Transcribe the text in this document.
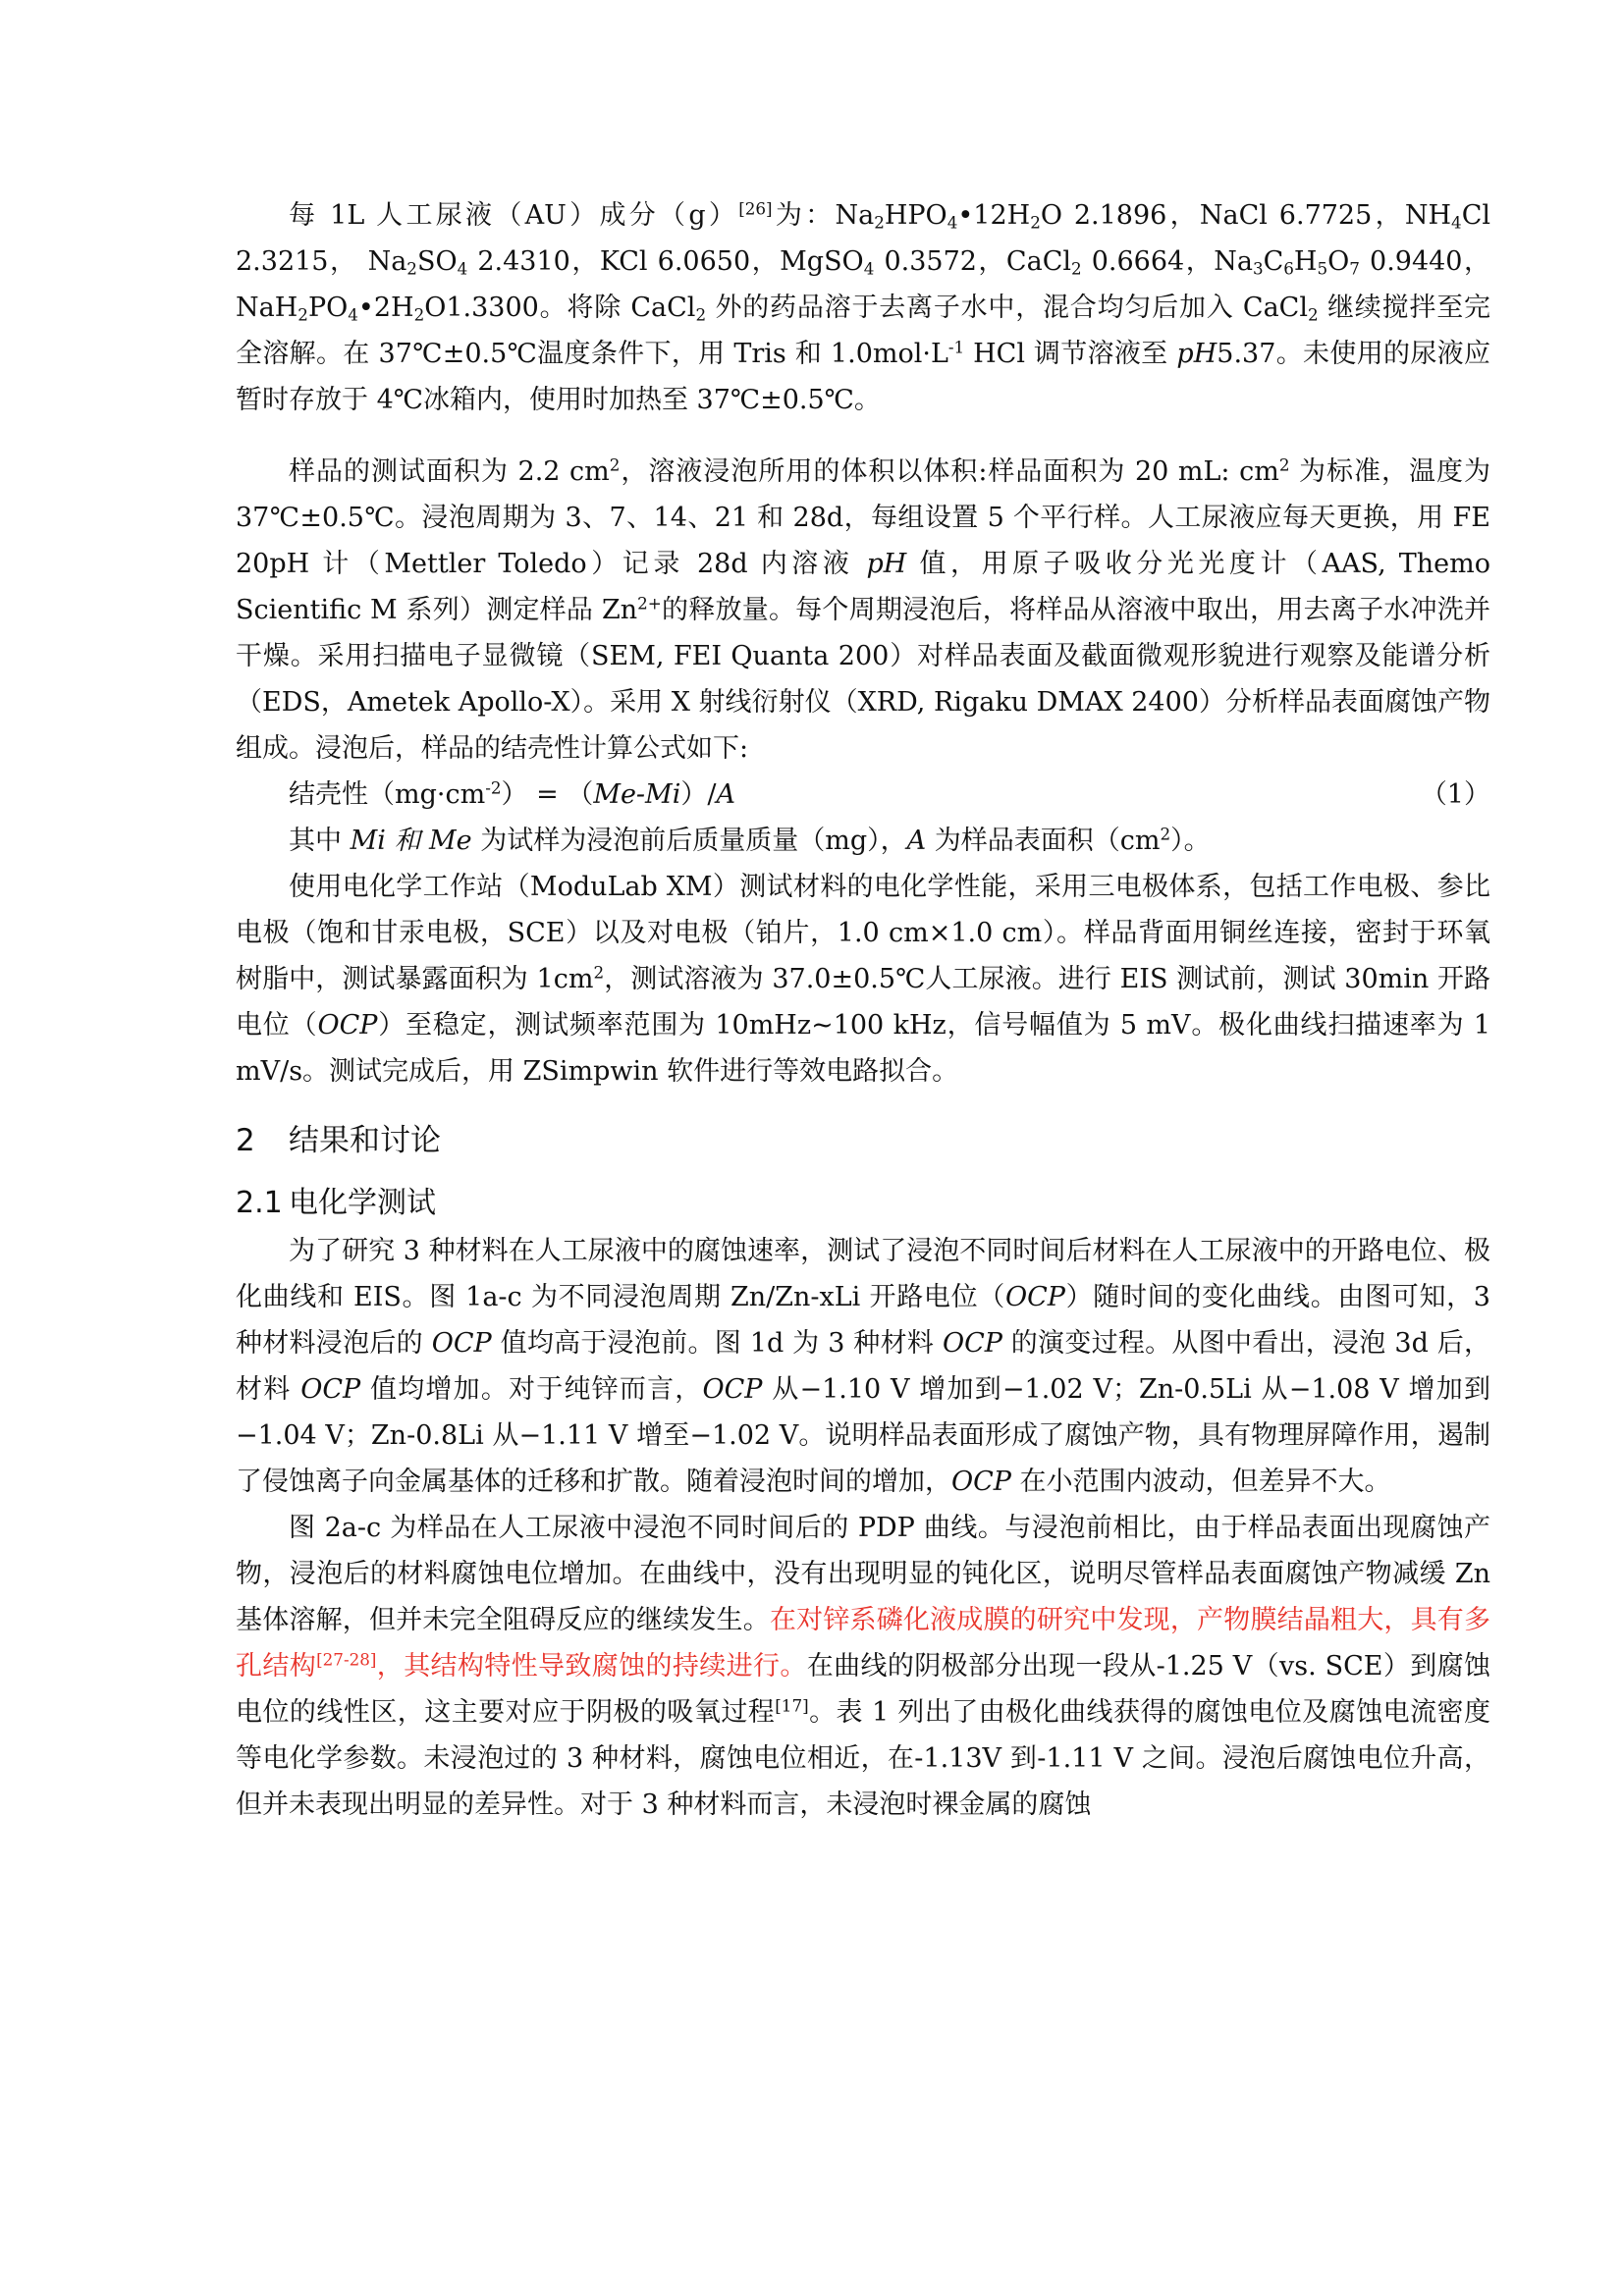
每 1L 人工尿液（AU）成分（g）[26]为：$Na_2HPO_4•12H_2O$ 2.1896，NaCl 6.7725，$NH_4Cl$ 2.3215， $Na_2SO_4$ 2.4310，KCl 6.0650，MgSO$_4$ 0.3572，CaCl$_2$ 0.6664，$Na_3C_6H_5O_7$ 0.9440，$NaH_2PO_4•2H_2O1.3300$。将除 CaCl$_2$ 外的药品溶于去离子水中，混合均匀后加入 CaCl$_2$ 继续搅拌至完全溶解。在 37℃±0.5℃温度条件下，用 Tris 和 $1.0mol\cdot L^{-1}$ HCl 调节溶液至 pH5.37。未使用的尿液应暂时存放于 4℃冰箱内，使用时加热至 37℃±0.5℃。

样品的测试面积为 2.2 $cm^2$，溶液浸泡所用的体积以体积:样品面积为 20 mL: $cm^2$ 为标准，温度为 37℃±0.5℃。浸泡周期为 3、7、14、21 和 28d，每组设置 5 个平行样。人工尿液应每天更换，用 FE 20pH 计（Mettler Toledo）记录 28d 内溶液 pH 值，用原子吸收分光光度计（AAS, Themo Scientific M 系列）测定样品 $Zn^{2+}$的释放量。每个周期浸泡后，将样品从溶液中取出，用去离子水冲洗并干燥。采用扫描电子显微镜（SEM, FEI Quanta 200）对样品表面及截面微观形貌进行观察及能谱分析（EDS，Ametek Apollo-X）。采用 X 射线衍射仪（XRD, Rigaku DMAX 2400）分析样品表面腐蚀产物组成。浸泡后，样品的结壳性计算公式如下:

结壳性$(mg\cdot cm^{-2}) = (Me-Mi)/A$	（1）

其中 Mi 和 Me 为试样为浸泡前后质量质量（mg），A 为样品表面积$(cm^2)$。

使用电化学工作站（ModuLab XM）测试材料的电化学性能，采用三电极体系，包括工作电极、参比电极（饱和甘汞电极，SCE）以及对电极（铂片，1.0 cm×1.0 cm）。样品背面用铜丝连接，密封于环氧树脂中，测试暴露面积为 $1cm^2$，测试溶液为 37.0±0.5℃人工尿液。进行 EIS 测试前，测试 30min 开路电位（OCP）至稳定，测试频率范围为 10mHz~100 kHz，信号幅值为 5 mV。极化曲线扫描速率为 1 mV/s。测试完成后，用 ZSimpwin 软件进行等效电路拟合。

2 结果和讨论
2.1 电化学测试

为了研究 3 种材料在人工尿液中的腐蚀速率，测试了浸泡不同时间后材料在人工尿液中的开路电位、极化曲线和 EIS。图 1a-c 为不同浸泡周期 Zn/Zn-xLi 开路电位（OCP）随时间的变化曲线。由图可知，3 种材料浸泡后的 OCP 值均高于浸泡前。图 1d 为 3 种材料 OCP 的演变过程。从图中看出，浸泡 3d 后，材料 OCP 值均增加。对于纯锌而言，OCP 从−1.10 V 增加到−1.02 V；Zn-0.5Li 从−1.08 V 增加到−1.04 V；Zn-0.8Li 从−1.11 V 增至−1.02 V。说明样品表面形成了腐蚀产物，具有物理屏障作用，遏制了侵蚀离子向金属基体的迁移和扩散。随着浸泡时间的增加，OCP 在小范围内波动，但差异不大。

图 2a-c 为样品在人工尿液中浸泡不同时间后的 PDP 曲线。与浸泡前相比，由于样品表面出现腐蚀产物，浸泡后的材料腐蚀电位增加。在曲线中，没有出现明显的钝化区，说明尽管样品表面腐蚀产物减缓 Zn 基体溶解，但并未完全阻碍反应的继续发生。在对锌系磷化液成膜的研究中发现，产物膜结晶粗大，具有多孔结构[27-28]，其结构特性导致腐蚀的持续进行。在曲线的阴极部分出现一段从-1.25 V（vs. SCE）到腐蚀电位的线性区，这主要对应于阴极的吸氧过程[17]。表 1 列出了由极化曲线获得的腐蚀电位及腐蚀电流密度等电化学参数。未浸泡过的 3 种材料，腐蚀电位相近，在-1.13V 到-1.11 V 之间。浸泡后腐蚀电位升高，但并未表现出明显的差异性。对于 3 种材料而言，未浸泡时裸金属的腐蚀
